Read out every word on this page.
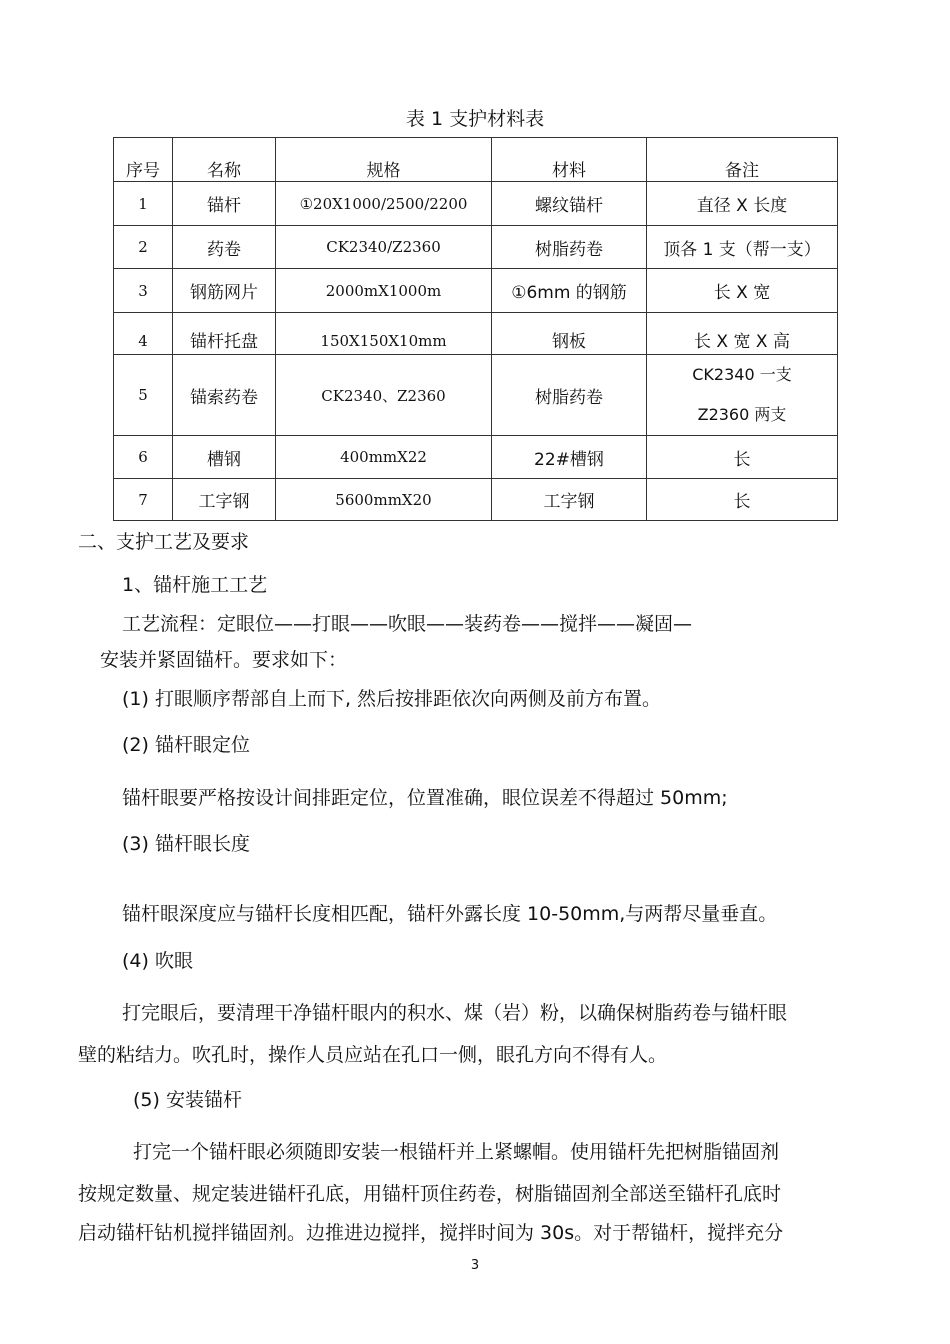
表 1 支护材料表
序号	名称	规格	材料	备注
1	锚杆	①20X1000/2500/2200	螺纹锚杆	直径 X 长度
2	药卷	CK2340/Z2360	树脂药卷	顶各 1 支（帮一支）
3	钢筋网片	2000mX1000m	①6mm 的钢筋	长 X 宽
4	锚杆托盘	150X150X10mm	钢板	长 X 宽 X 高
5	锚索药卷	CK2340、Z2360	树脂药卷	CK2340 一支
Z2360 两支

6	槽钢	400mmX22	22#槽钢	长
7	工字钢	5600mmX20	工字钢	长
二、支护工艺及要求
1、锚杆施工工艺
工艺流程：定眼位——打眼——吹眼——装药卷——搅拌——凝固—
安装并紧固锚杆。要求如下：
(1) 打眼顺序帮部自上而下, 然后按排距依次向两侧及前方布置。
(2) 锚杆眼定位
锚杆眼要严格按设计间排距定位，位置准确，眼位误差不得超过 50mm;
(3) 锚杆眼长度
锚杆眼深度应与锚杆长度相匹配，锚杆外露长度 10-50mm,与两帮尽量垂直。
(4) 吹眼
打完眼后，要清理干净锚杆眼内的积水、煤（岩）粉，以确保树脂药卷与锚杆眼
壁的粘结力。吹孔时，操作人员应站在孔口一侧，眼孔方向不得有人。
(5) 安装锚杆
打完一个锚杆眼必须随即安装一根锚杆并上紧螺帽。使用锚杆先把树脂锚固剂
按规定数量、规定装进锚杆孔底，用锚杆顶住药卷，树脂锚固剂全部送至锚杆孔底时
启动锚杆钻机搅拌锚固剂。边推进边搅拌，搅拌时间为 30s。对于帮锚杆，搅拌充分
3
